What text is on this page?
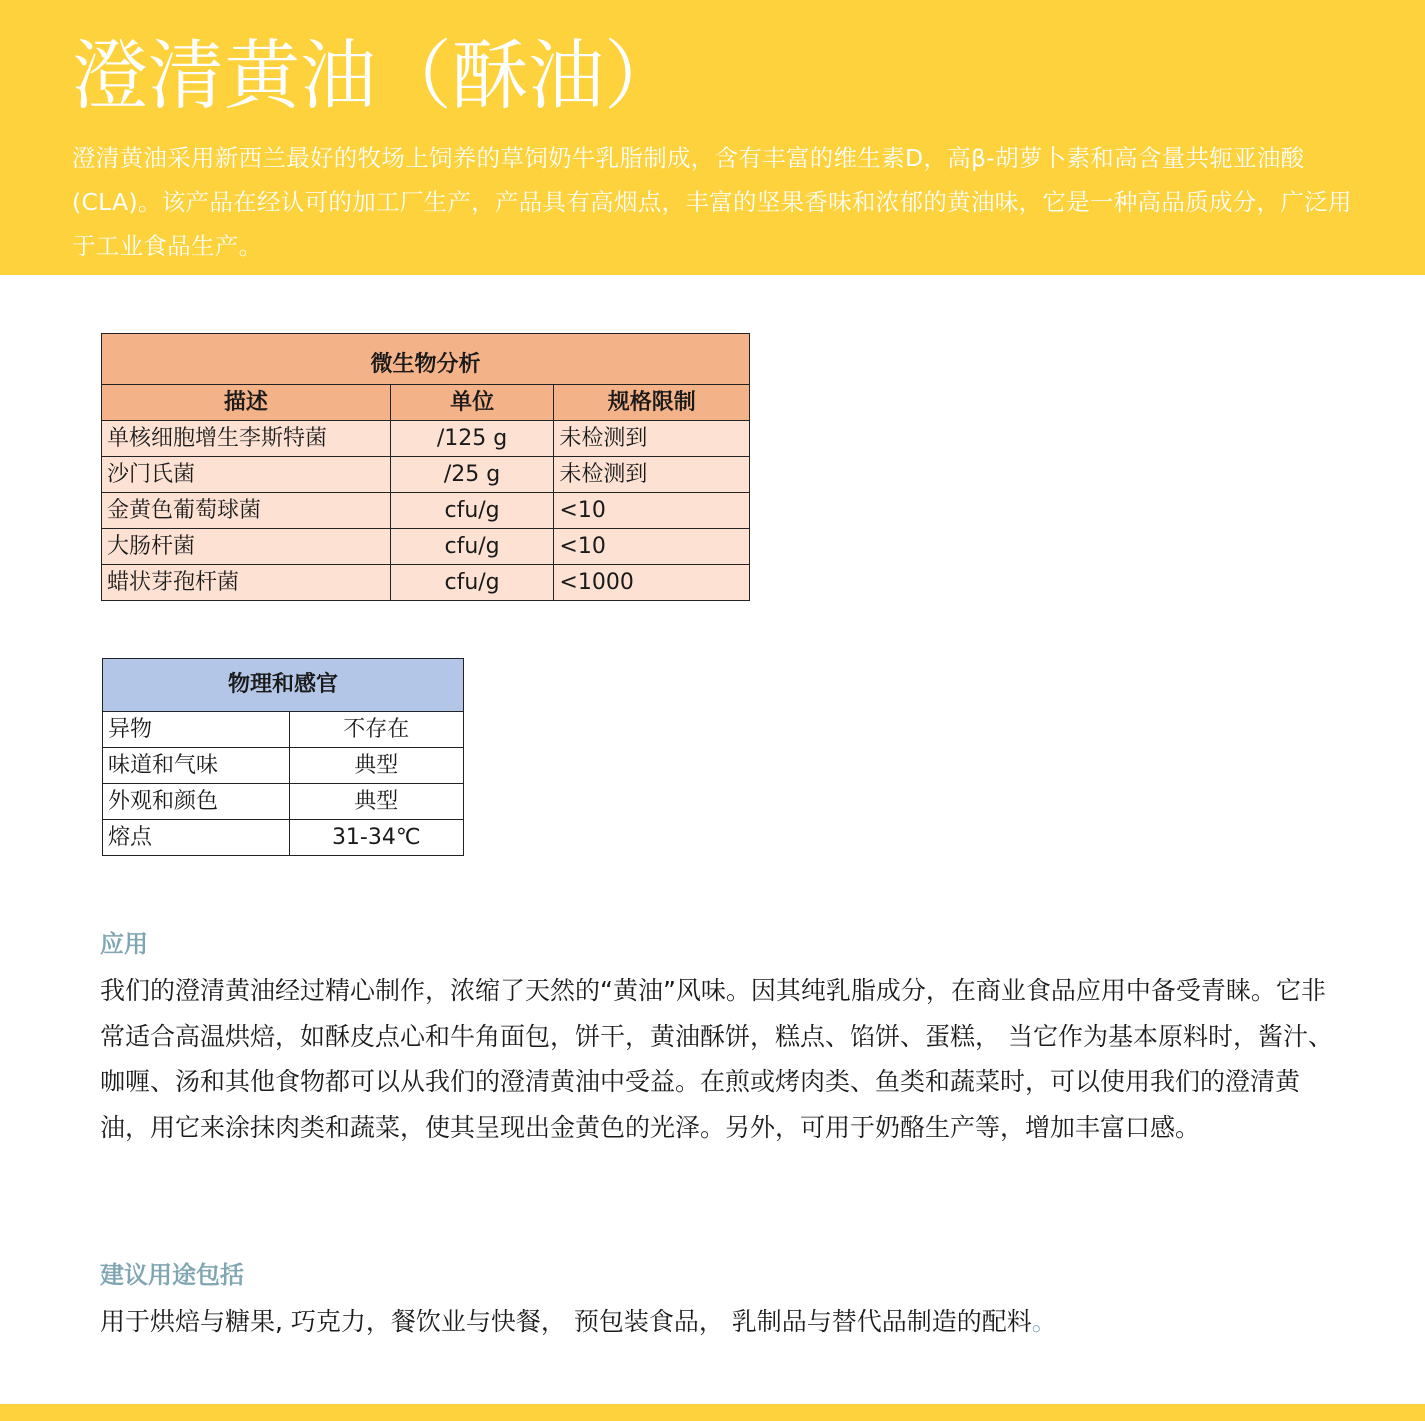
澄清黄油（酥油）

澄清黄油采用新西兰最好的牧场上饲养的草饲奶牛乳脂制成，含有丰富的维生素D，高β-胡萝卜素和高含量共轭亚油酸 (CLA)。该产品在经认可的加工厂生产，产品具有高烟点，丰富的坚果香味和浓郁的黄油味，它是一种高品质成分，广泛用于工业食品生产。

微生物分析		
描述	单位	规格限制
单核细胞增生李斯特菌	/125 g	未检测到
沙门氏菌	/25 g	未检测到
金黄色葡萄球菌	cfu/g	<10
大肠杆菌	cfu/g	<10
蜡状芽孢杆菌	cfu/g	<1000
物理和感官	
异物	不存在
味道和气味	典型
外观和颜色	典型
熔点	31-34℃
应用

我们的澄清黄油经过精心制作，浓缩了天然的“黄油”风味。因其纯乳脂成分，在商业食品应用中备受青睐。它非常适合高温烘焙，如酥皮点心和牛角面包，饼干，黄油酥饼，糕点、馅饼、蛋糕， 当它作为基本原料时，酱汁、咖喱、汤和其他食物都可以从我们的澄清黄油中受益。在煎或烤肉类、鱼类和蔬菜时，可以使用我们的澄清黄油，用它来涂抹肉类和蔬菜，使其呈现出金黄色的光泽。另外，可用于奶酪生产等，增加丰富口感。

建议用途包括

用于烘焙与糖果, 巧克力，餐饮业与快餐， 预包装食品， 乳制品与替代品制造的配料。
